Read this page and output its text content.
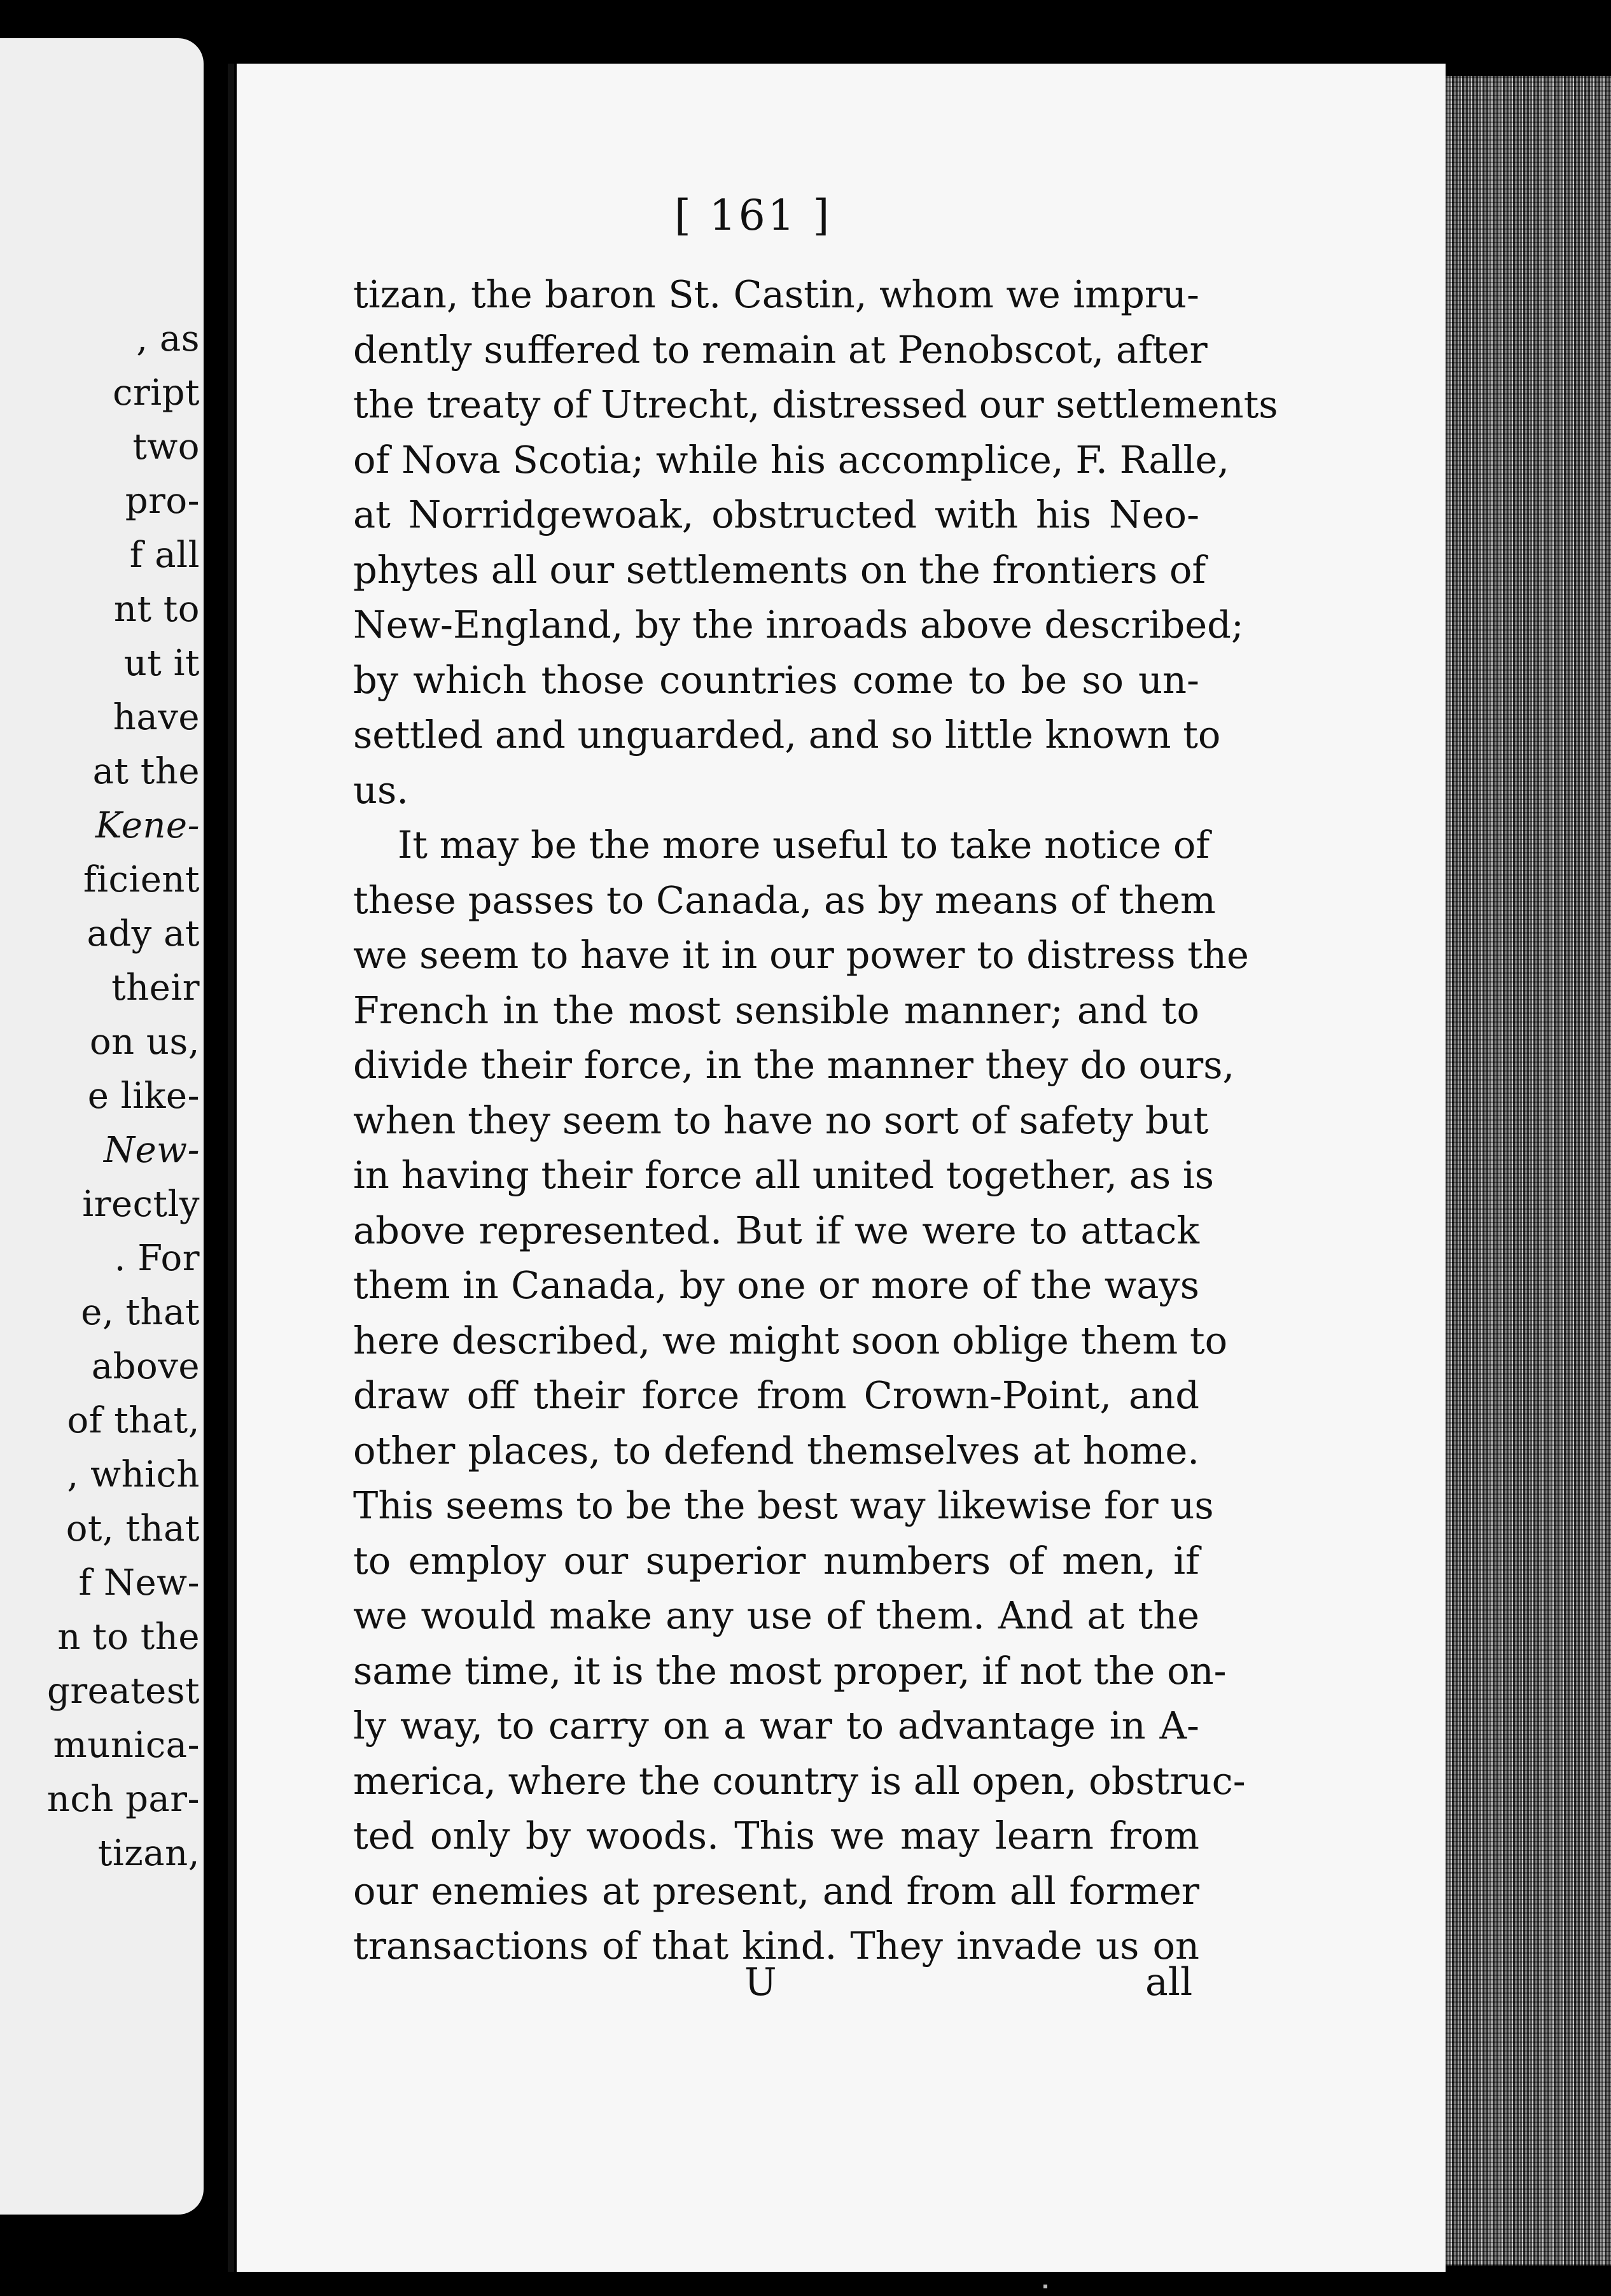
, as
cript
two
pro-
f all
nt to
ut it
have
at the
Kene-
ficient
ady at
their
on us,
e like-
New-
irectly
. For
e, that
above
of that,
, which
ot, that
f New-
n to the
greatest
munica-
nch par-
tizan,
[ 161 ]
tizan, the baron St. Castin, whom we impru-
dently suffered to remain at Penobscot, after
the treaty of Utrecht, distressed our settlements
of Nova Scotia; while his accomplice, F. Ralle,
at Norridgewoak, obstructed with his Neo-
phytes all our settlements on the frontiers of
New-England, by the inroads above described;
by which those countries come to be so un-
settled and unguarded, and so little known to
us.
It may be the more useful to take notice of
these passes to Canada, as by means of them
we seem to have it in our power to distress the
French in the most sensible manner; and to
divide their force, in the manner they do ours,
when they seem to have no sort of safety but
in having their force all united together, as is
above represented. But if we were to attack
them in Canada, by one or more of the ways
here described, we might soon oblige them to
draw off their force from Crown-Point, and
other places, to defend themselves at home.
This seems to be the best way likewise for us
to employ our superior numbers of men, if
we would make any use of them. And at the
same time, it is the most proper, if not the on-
ly way, to carry on a war to advantage in A-
merica, where the country is all open, obstruc-
ted only by woods. This we may learn from
our enemies at present, and from all former
transactions of that kind. They invade us on
U	all
